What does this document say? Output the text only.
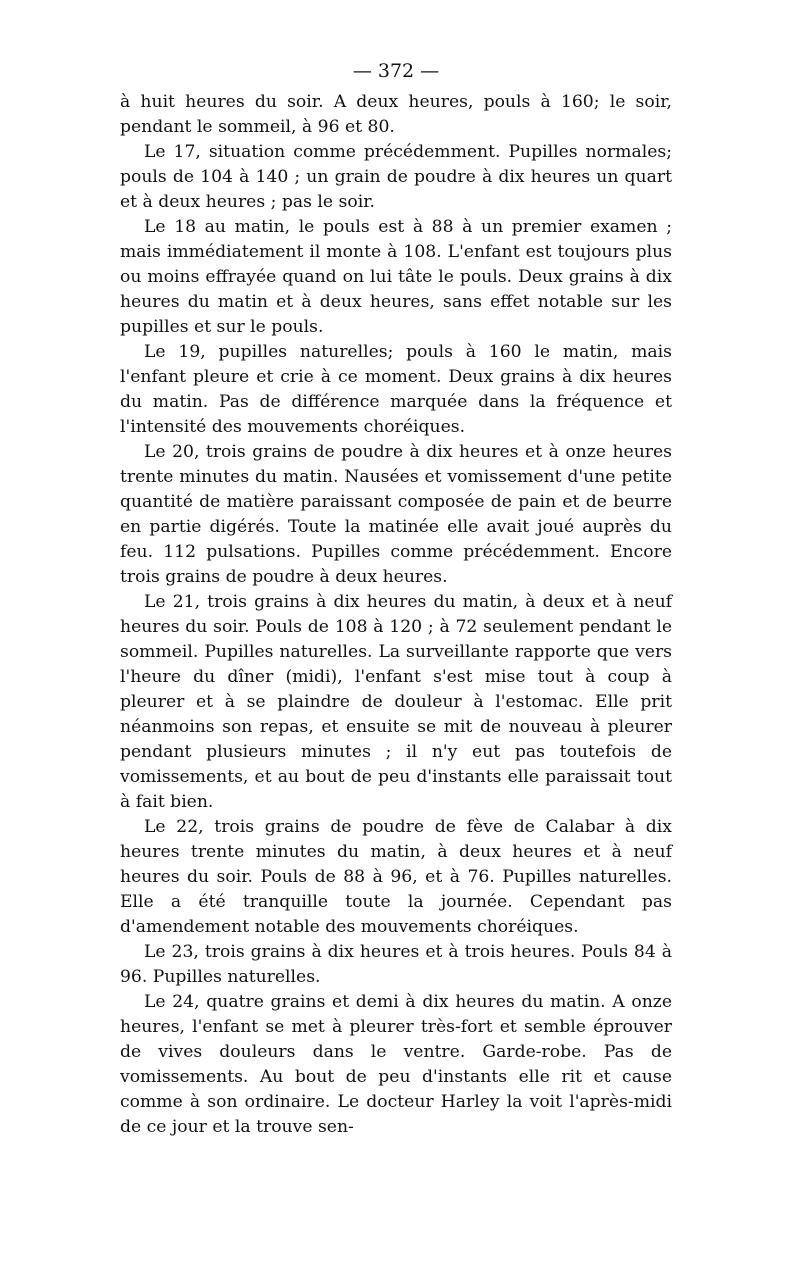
— 372 —

à huit heures du soir. A deux heures, pouls à 160; le soir, pendant le sommeil, à 96 et 80.

Le 17, situation comme précédemment. Pupilles normales; pouls de 104 à 140 ; un grain de poudre à dix heures un quart et à deux heures ; pas le soir.

Le 18 au matin, le pouls est à 88 à un premier examen ; mais immédiatement il monte à 108. L'enfant est toujours plus ou moins effrayée quand on lui tâte le pouls. Deux grains à dix heures du matin et à deux heures, sans effet notable sur les pupilles et sur le pouls.

Le 19, pupilles naturelles; pouls à 160 le matin, mais l'enfant pleure et crie à ce moment. Deux grains à dix heures du matin. Pas de différence marquée dans la fréquence et l'intensité des mouvements choréiques.

Le 20, trois grains de poudre à dix heures et à onze heures trente minutes du matin. Nausées et vomissement d'une petite quantité de matière paraissant composée de pain et de beurre en partie digérés. Toute la matinée elle avait joué auprès du feu. 112 pulsations. Pupilles comme précédemment. Encore trois grains de poudre à deux heures.

Le 21, trois grains à dix heures du matin, à deux et à neuf heures du soir. Pouls de 108 à 120 ; à 72 seulement pendant le sommeil. Pupilles naturelles. La surveillante rapporte que vers l'heure du dîner (midi), l'enfant s'est mise tout à coup à pleurer et à se plaindre de douleur à l'estomac. Elle prit néanmoins son repas, et ensuite se mit de nouveau à pleurer pendant plusieurs minutes ; il n'y eut pas toutefois de vomissements, et au bout de peu d'instants elle paraissait tout à fait bien.

Le 22, trois grains de poudre de fève de Calabar à dix heures trente minutes du matin, à deux heures et à neuf heures du soir. Pouls de 88 à 96, et à 76. Pupilles naturelles. Elle a été tranquille toute la journée. Cependant pas d'amendement notable des mouvements choréiques.

Le 23, trois grains à dix heures et à trois heures. Pouls 84 à 96. Pupilles naturelles.

Le 24, quatre grains et demi à dix heures du matin. A onze heures, l'enfant se met à pleurer très-fort et semble éprouver de vives douleurs dans le ventre. Garde-robe. Pas de vomissements. Au bout de peu d'instants elle rit et cause comme à son ordinaire. Le docteur Harley la voit l'après-midi de ce jour et la trouve sen-
